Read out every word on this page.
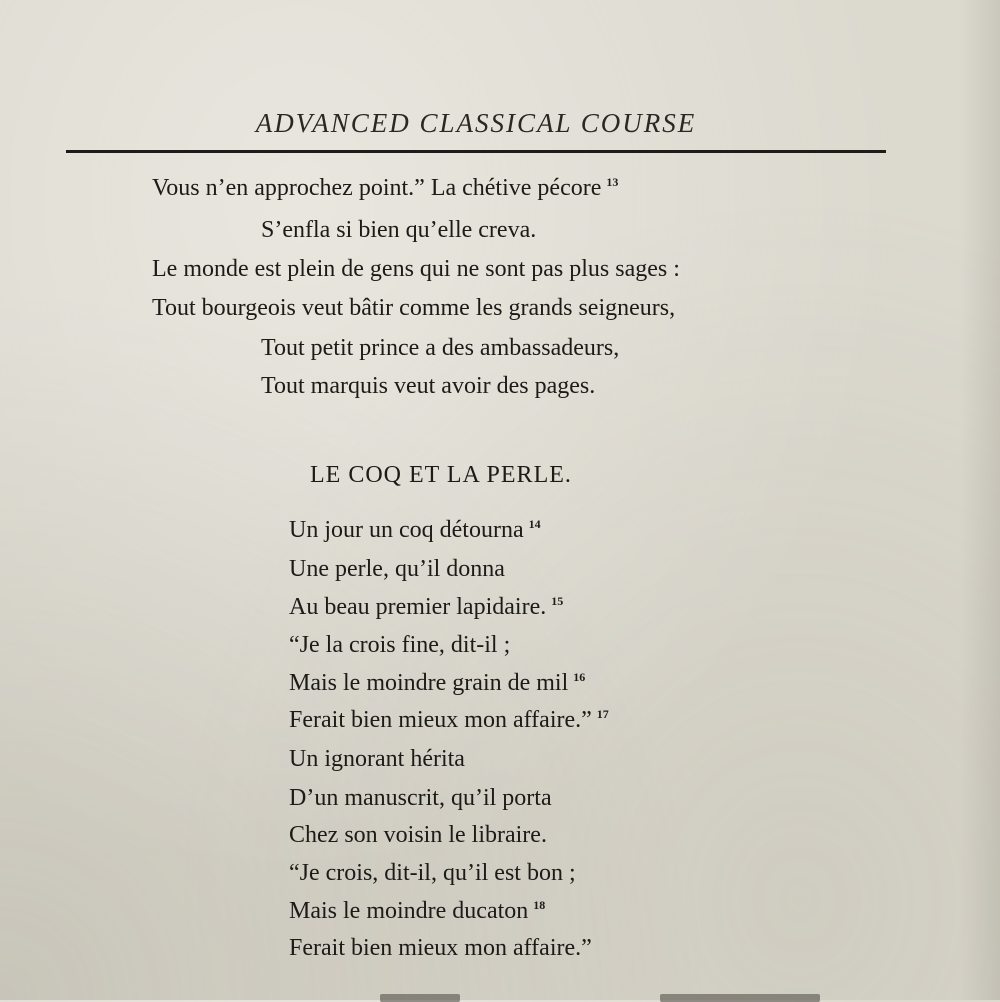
ADVANCED CLASSICAL COURSE
Vous n’en approchez point.” La chétive pécore $^{13}$
S’enfla si bien qu’elle creva.
Le monde est plein de gens qui ne sont pas plus sages :
Tout bourgeois veut bâtir comme les grands seigneurs,
Tout petit prince a des ambassadeurs,
Tout marquis veut avoir des pages.
LE COQ ET LA PERLE.
Un jour un coq détourna $^{14}$
Une perle, qu’il donna
Au beau premier lapidaire. $^{15}$
“Je la crois fine, dit-il ;
Mais le moindre grain de mil $^{16}$
Ferait bien mieux mon affaire.” $^{17}$
Un ignorant hérita
D’un manuscrit, qu’il porta
Chez son voisin le libraire.
“Je crois, dit-il, qu’il est bon ;
Mais le moindre ducaton $^{18}$
Ferait bien mieux mon affaire.”
